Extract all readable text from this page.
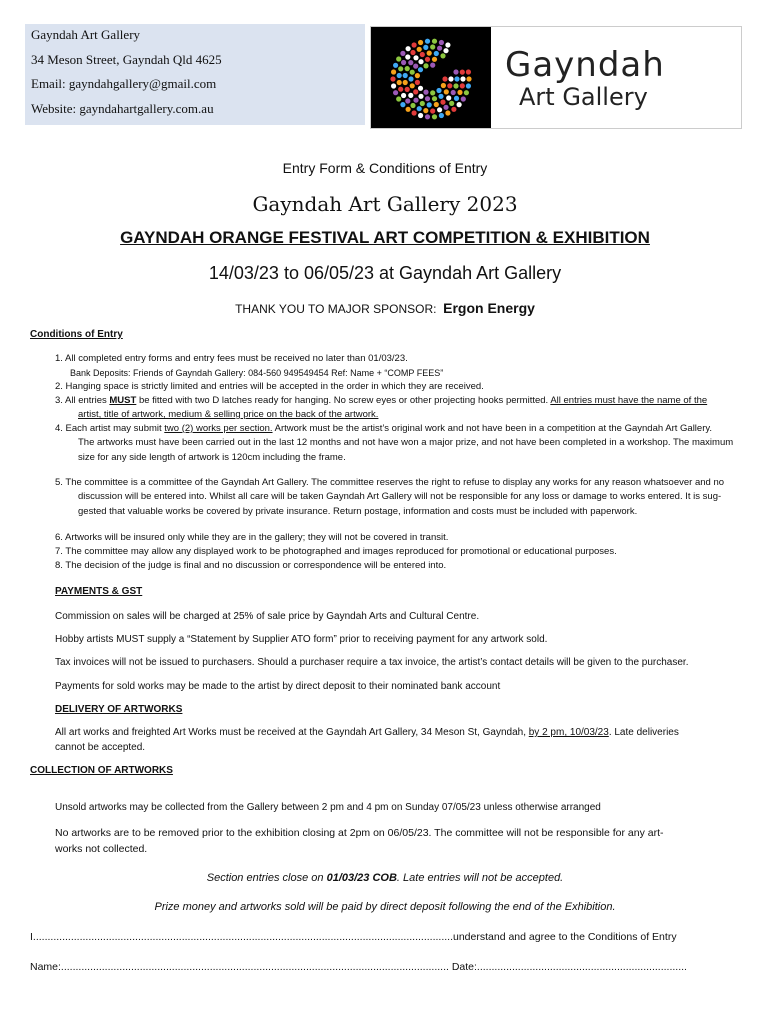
Gayndah Art Gallery
34 Meson Street, Gayndah Qld 4625
Email: gayndahgallery@gmail.com
Website: gayndahartgallery.com.au
Gayndah
Art Gallery
Entry Form & Conditions of Entry
Gayndah Art Gallery 2023
GAYNDAH ORANGE FESTIVAL ART COMPETITION & EXHIBITION
14/03/23 to 06/05/23 at Gayndah Art Gallery
THANK YOU TO MAJOR SPONSOR: Ergon Energy
Conditions of Entry
1. All completed entry forms and entry fees must be received no later than 01/03/23.
Bank Deposits: Friends of Gayndah Gallery: 084-560 949549454 Ref: Name + “COMP FEES”
2. Hanging space is strictly limited and entries will be accepted in the order in which they are received.
3. All entries MUST be fitted with two D latches ready for hanging. No screw eyes or other projecting hooks permitted. All entries must have the name of the
artist, title of artwork, medium & selling price on the back of the artwork.
4. Each artist may submit two (2) works per section. Artwork must be the artist’s original work and not have been in a competition at the Gayndah Art Gallery.
The artworks must have been carried out in the last 12 months and not have won a major prize, and not have been completed in a workshop. The maximum
size for any side length of artwork is 120cm including the frame.
5. The committee is a committee of the Gayndah Art Gallery. The committee reserves the right to refuse to display any works for any reason whatsoever and no
discussion will be entered into. Whilst all care will be taken Gayndah Art Gallery will not be responsible for any loss or damage to works entered. It is sug-
gested that valuable works be covered by private insurance. Return postage, information and costs must be included with paperwork.
6. Artworks will be insured only while they are in the gallery; they will not be covered in transit.
7. The committee may allow any displayed work to be photographed and images reproduced for promotional or educational purposes.
8. The decision of the judge is final and no discussion or correspondence will be entered into.
PAYMENTS & GST
Commission on sales will be charged at 25% of sale price by Gayndah Arts and Cultural Centre.
Hobby artists MUST supply a “Statement by Supplier ATO form” prior to receiving payment for any artwork sold.
Tax invoices will not be issued to purchasers. Should a purchaser require a tax invoice, the artist’s contact details will be given to the purchaser.
Payments for sold works may be made to the artist by direct deposit to their nominated bank account
DELIVERY OF ARTWORKS
All art works and freighted Art Works must be received at the Gayndah Art Gallery, 34 Meson St, Gayndah, by 2 pm, 10/03/23. Late deliveries
cannot be accepted.
COLLECTION OF ARTWORKS
Unsold artworks may be collected from the Gallery between 2 pm and 4 pm on Sunday 07/05/23 unless otherwise arranged
No artworks are to be removed prior to the exhibition closing at 2pm on 06/05/23. The committee will not be responsible for any art-
works not collected.
Section entries close on 01/03/23 COB. Late entries will not be accepted.
Prize money and artworks sold will be paid by direct deposit following the end of the Exhibition.
I................................................................................................................................................understand and agree to the Conditions of Entry
Name:..................................................................................................................................... Date:........................................................................
